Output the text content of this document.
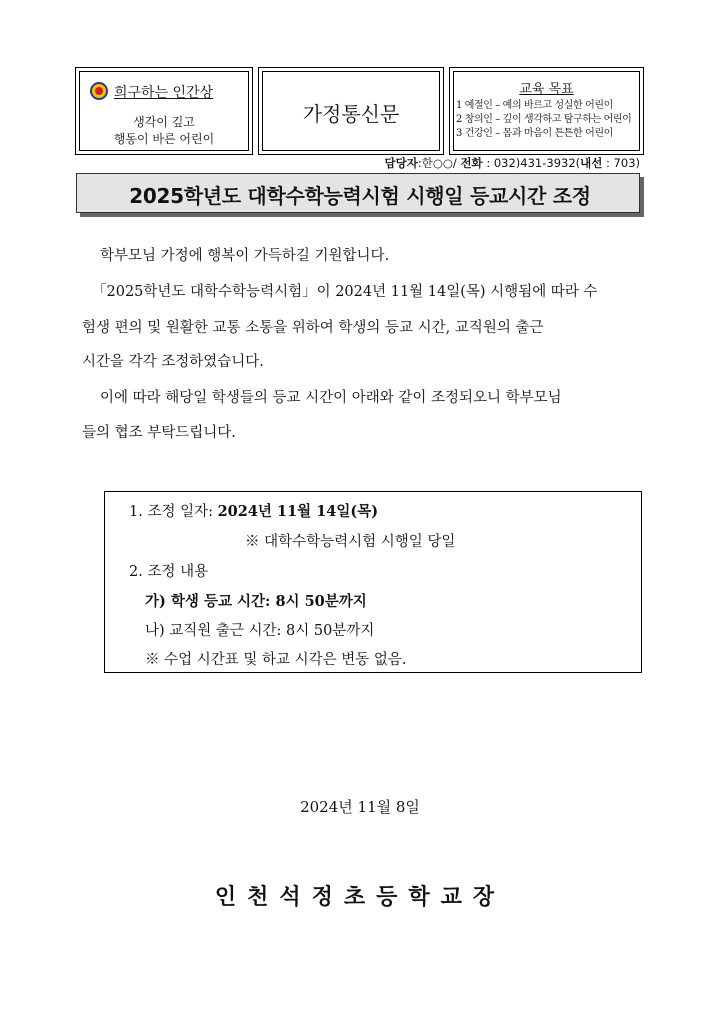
희구하는 인간상
생각이 깊고
행동이 바른 어린이
가정통신문
교육 목표
1 예절인 – 예의 바르고 성실한 어린이
2 창의인 – 깊이 생각하고 탐구하는 어린이
3 건강인 – 몸과 마음이 튼튼한 어린이
담당자:한○○/ 전화 : 032)431-3932(내선 : 703)
2025학년도 대학수학능력시험 시행일 등교시간 조정
학부모님 가정에 행복이 가득하길 기원합니다.
「2025학년도 대학수학능력시험」이 2024년 11월 14일(목) 시행됨에 따라 수
험생 편의 및 원활한 교통 소통을 위하여 학생의 등교 시간, 교직원의 출근
시간을 각각 조정하였습니다.
이에 따라 해당일 학생들의 등교 시간이 아래와 같이 조정되오니 학부모님
들의 협조 부탁드립니다.
1. 조정 일자: 2024년 11월 14일(목)
※ 대학수학능력시험 시행일 당일
2. 조정 내용
가) 학생 등교 시간: 8시 50분까지
나) 교직원 출근 시간: 8시 50분까지
※ 수업 시간표 및 하교 시각은 변동 없음.
2024년 11월 8일
인천석정초등학교장
